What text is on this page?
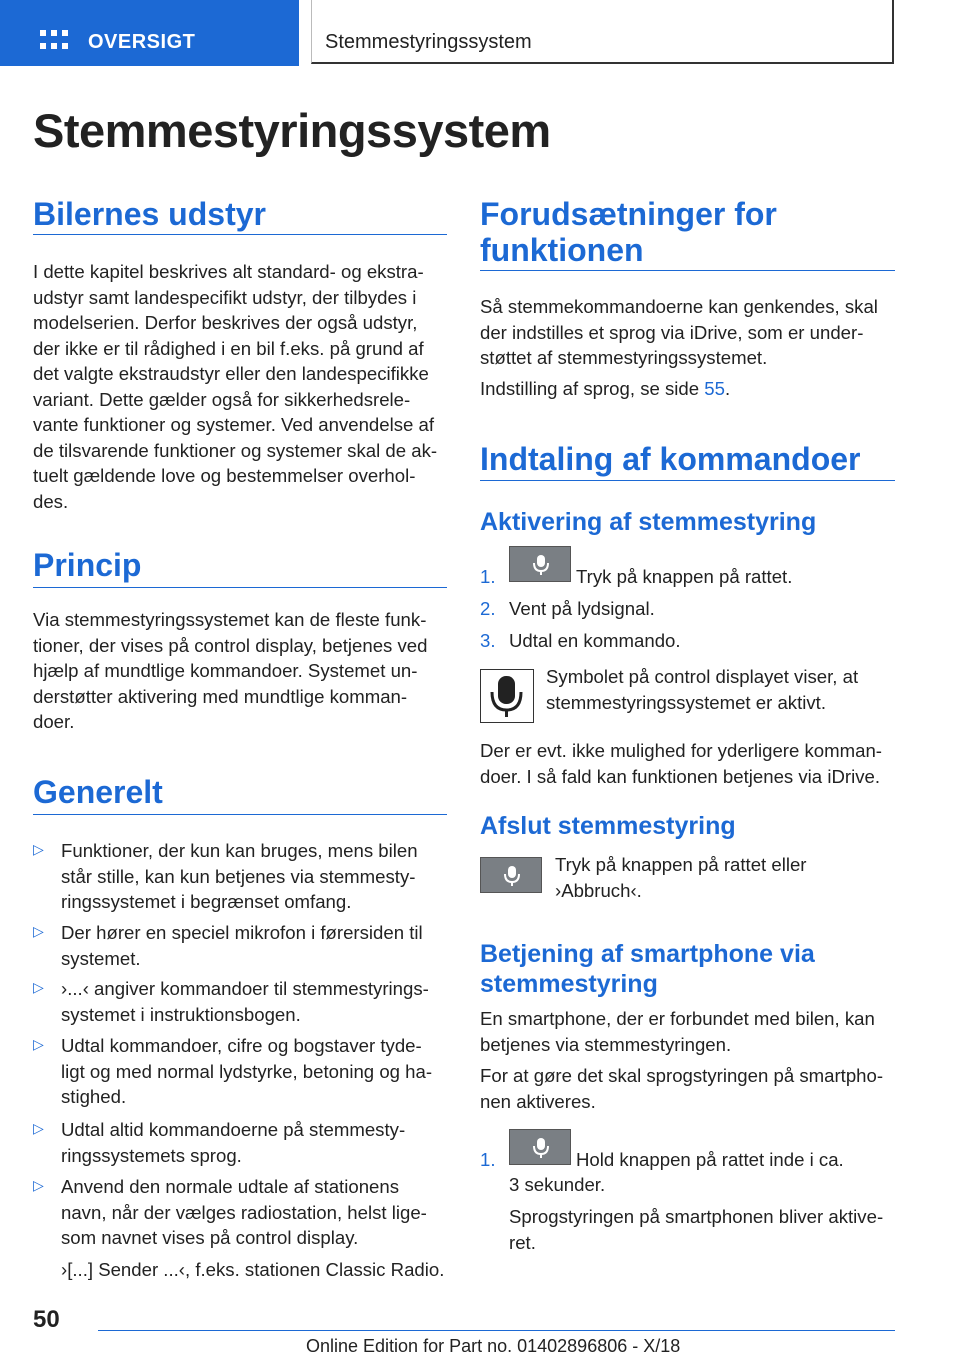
OVERSIGT	Stemmestyringssystem
Stemmestyringssystem
Bilernes udstyr
I dette kapitel beskrives alt standard- og ekstra-
udstyr samt landespecifikt udstyr, der tilbydes i
modelserien. Derfor beskrives der også udstyr,
der ikke er til rådighed i en bil f.eks. på grund af
det valgte ekstraudstyr eller den landespecifikke
variant. Dette gælder også for sikkerhedsrele-
vante funktioner og systemer. Ved anvendelse af
de tilsvarende funktioner og systemer skal de ak-
tuelt gældende love og bestemmelser overhol-
des.
Princip
Via stemmestyringssystemet kan de fleste funk-
tioner, der vises på control display, betjenes ved
hjælp af mundtlige kommandoer. Systemet un-
derstøtter aktivering med mundtlige komman-
doer.
Generelt
▷ Funktioner, der kun kan bruges, mens bilen
står stille, kan kun betjenes via stemmesty-
ringssystemet i begrænset omfang.
▷ Der hører en speciel mikrofon i førersiden til
systemet.
▷ ›...‹ angiver kommandoer til stemmestyrings-
systemet i instruktionsbogen.
▷ Udtal kommandoer, cifre og bogstaver tyde-
ligt og med normal lydstyrke, betoning og ha-
stighed.
▷ Udtal altid kommandoerne på stemmesty-
ringssystemets sprog.
▷ Anvend den normale udtale af stationens
navn, når der vælges radiostation, helst lige-
som navnet vises på control display.
›[...] Sender ...‹, f.eks. stationen Classic Radio.
Forudsætninger for
funktionen
Så stemmekommandoerne kan genkendes, skal
der indstilles et sprog via iDrive, som er under-
støttet af stemmestyringssystemet.
Indstilling af sprog, se side 55.
Indtaling af kommandoer
Aktivering af stemmestyring
1.	Tryk på knappen på rattet.
2. Vent på lydsignal.
3. Udtal en kommando.
Symbolet på control displayet viser, at
stemmestyringssystemet er aktivt.
Der er evt. ikke mulighed for yderligere komman-
doer. I så fald kan funktionen betjenes via iDrive.
Afslut stemmestyring
Tryk på knappen på rattet eller
›Abbruch‹.
Betjening af smartphone via
stemmestyring
En smartphone, der er forbundet med bilen, kan
betjenes via stemmestyringen.
For at gøre det skal sprogstyringen på smartpho-
nen aktiveres.
1.	Hold knappen på rattet inde i ca.
3 sekunder.
Sprogstyringen på smartphonen bliver aktive-
ret.
50
Online Edition for Part no. 01402896806 - X/18
